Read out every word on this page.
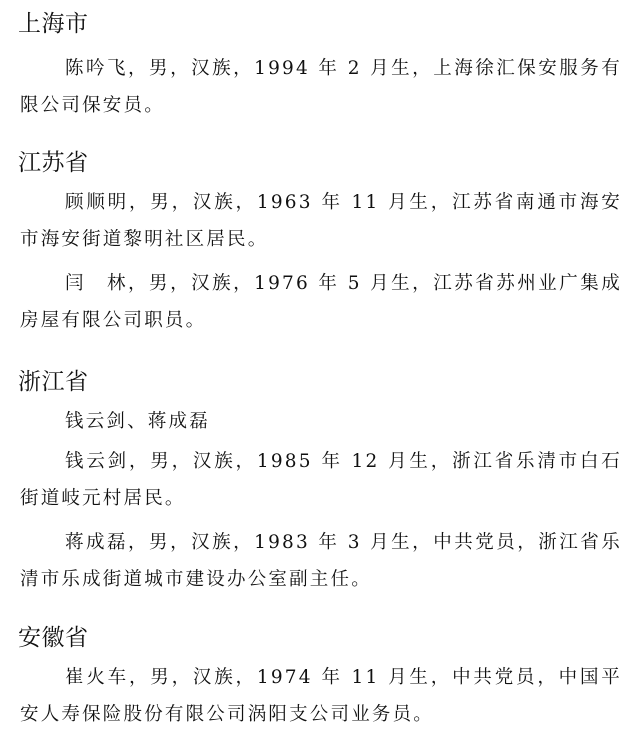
上海市

陈吟飞，男，汉族，1994 年 2 月生，上海徐汇保安服务有限公司保安员。

江苏省

顾顺明，男，汉族，1963 年 11 月生，江苏省南通市海安市海安街道黎明社区居民。

闫　林，男，汉族，1976 年 5 月生，江苏省苏州业广集成房屋有限公司职员。

浙江省

钱云剑、蒋成磊

钱云剑，男，汉族，1985 年 12 月生，浙江省乐清市白石街道岐元村居民。

蒋成磊，男，汉族，1983 年 3 月生，中共党员，浙江省乐清市乐成街道城市建设办公室副主任。

安徽省

崔火车，男，汉族，1974 年 11 月生，中共党员，中国平安人寿保险股份有限公司涡阳支公司业务员。
